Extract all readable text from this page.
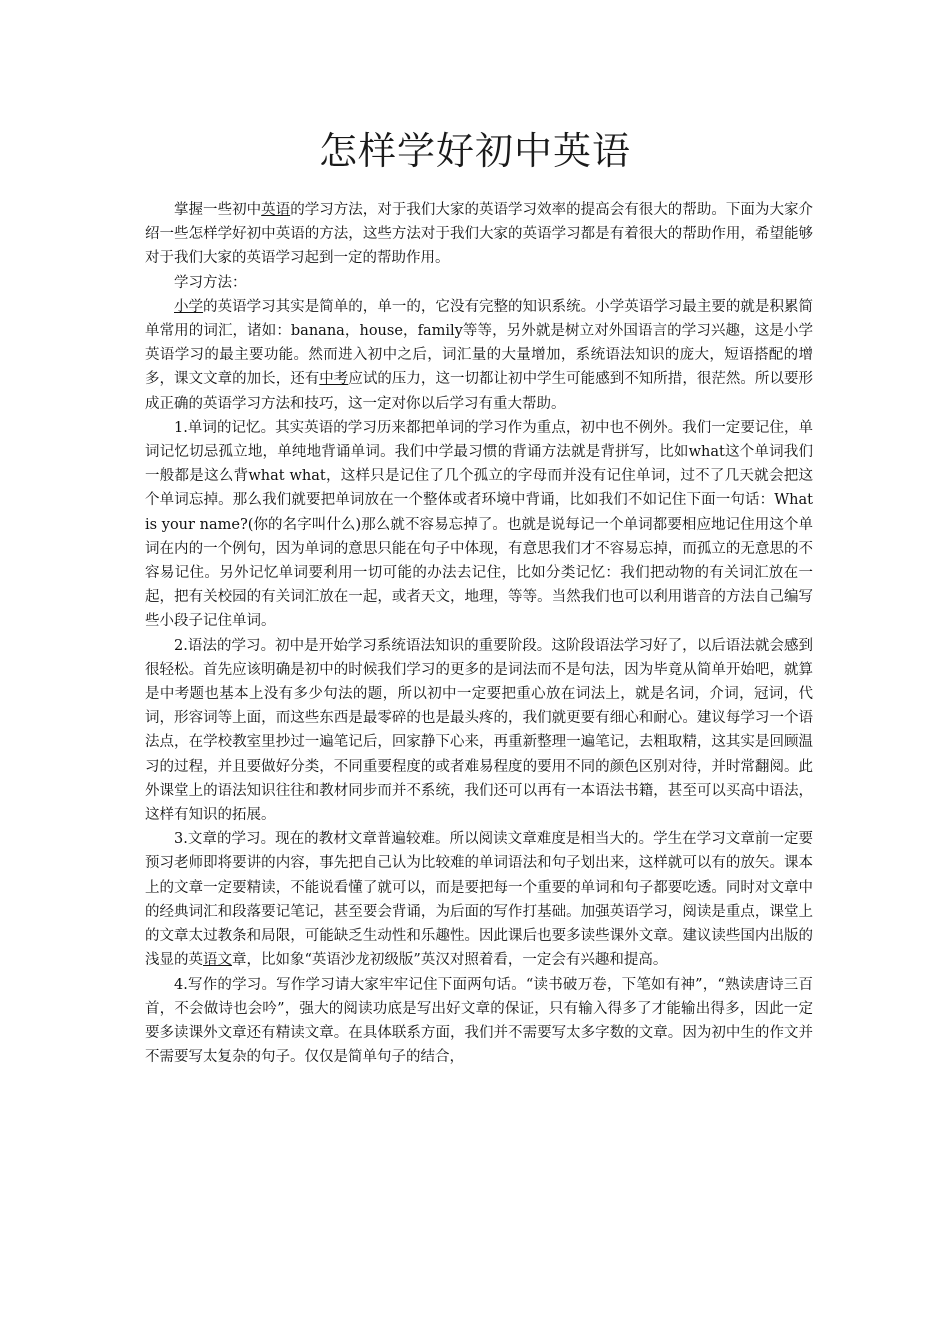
怎样学好初中英语

掌握一些初中英语的学习方法，对于我们大家的英语学习效率的提高会有很大的帮助。下面为大家介绍一些怎样学好初中英语的方法，这些方法对于我们大家的英语学习都是有着很大的帮助作用，希望能够对于我们大家的英语学习起到一定的帮助作用。

学习方法：

小学的英语学习其实是简单的，单一的，它没有完整的知识系统。小学英语学习最主要的就是积累简单常用的词汇，诸如：banana，house，family等等，另外就是树立对外国语言的学习兴趣，这是小学英语学习的最主要功能。然而进入初中之后，词汇量的大量增加，系统语法知识的庞大，短语搭配的增多，课文文章的加长，还有中考应试的压力，这一切都让初中学生可能感到不知所措，很茫然。所以要形成正确的英语学习方法和技巧，这一定对你以后学习有重大帮助。

1.单词的记忆。其实英语的学习历来都把单词的学习作为重点，初中也不例外。我们一定要记住，单词记忆切忌孤立地，单纯地背诵单词。我们中学最习惯的背诵方法就是背拼写，比如what这个单词我们一般都是这么背what what，这样只是记住了几个孤立的字母而并没有记住单词，过不了几天就会把这个单词忘掉。那么我们就要把单词放在一个整体或者环境中背诵，比如我们不如记住下面一句话：What is your name?(你的名字叫什么)那么就不容易忘掉了。也就是说每记一个单词都要相应地记住用这个单词在内的一个例句，因为单词的意思只能在句子中体现，有意思我们才不容易忘掉，而孤立的无意思的不容易记住。另外记忆单词要利用一切可能的办法去记住，比如分类记忆：我们把动物的有关词汇放在一起，把有关校园的有关词汇放在一起，或者天文，地理，等等。当然我们也可以利用谐音的方法自己编写些小段子记住单词。

2.语法的学习。初中是开始学习系统语法知识的重要阶段。这阶段语法学习好了，以后语法就会感到很轻松。首先应该明确是初中的时候我们学习的更多的是词法而不是句法，因为毕竟从简单开始吧，就算是中考题也基本上没有多少句法的题，所以初中一定要把重心放在词法上，就是名词，介词，冠词，代词，形容词等上面，而这些东西是最零碎的也是最头疼的，我们就更要有细心和耐心。建议每学习一个语法点，在学校教室里抄过一遍笔记后，回家静下心来，再重新整理一遍笔记，去粗取精，这其实是回顾温习的过程，并且要做好分类，不同重要程度的或者难易程度的要用不同的颜色区别对待，并时常翻阅。此外课堂上的语法知识往往和教材同步而并不系统，我们还可以再有一本语法书籍，甚至可以买高中语法，这样有知识的拓展。

3.文章的学习。现在的教材文章普遍较难。所以阅读文章难度是相当大的。学生在学习文章前一定要预习老师即将要讲的内容，事先把自己认为比较难的单词语法和句子划出来，这样就可以有的放矢。课本上的文章一定要精读，不能说看懂了就可以，而是要把每一个重要的单词和句子都要吃透。同时对文章中的经典词汇和段落要记笔记，甚至要会背诵，为后面的写作打基础。加强英语学习，阅读是重点，课堂上的文章太过教条和局限，可能缺乏生动性和乐趣性。因此课后也要多读些课外文章。建议读些国内出版的浅显的英语文章，比如象“英语沙龙初级版”英汉对照着看，一定会有兴趣和提高。

4.写作的学习。写作学习请大家牢牢记住下面两句话。“读书破万卷，下笔如有神”，“熟读唐诗三百首，不会做诗也会吟”，强大的阅读功底是写出好文章的保证，只有输入得多了才能输出得多，因此一定要多读课外文章还有精读文章。在具体联系方面，我们并不需要写太多字数的文章。因为初中生的作文并不需要写太复杂的句子。仅仅是简单句子的结合，
